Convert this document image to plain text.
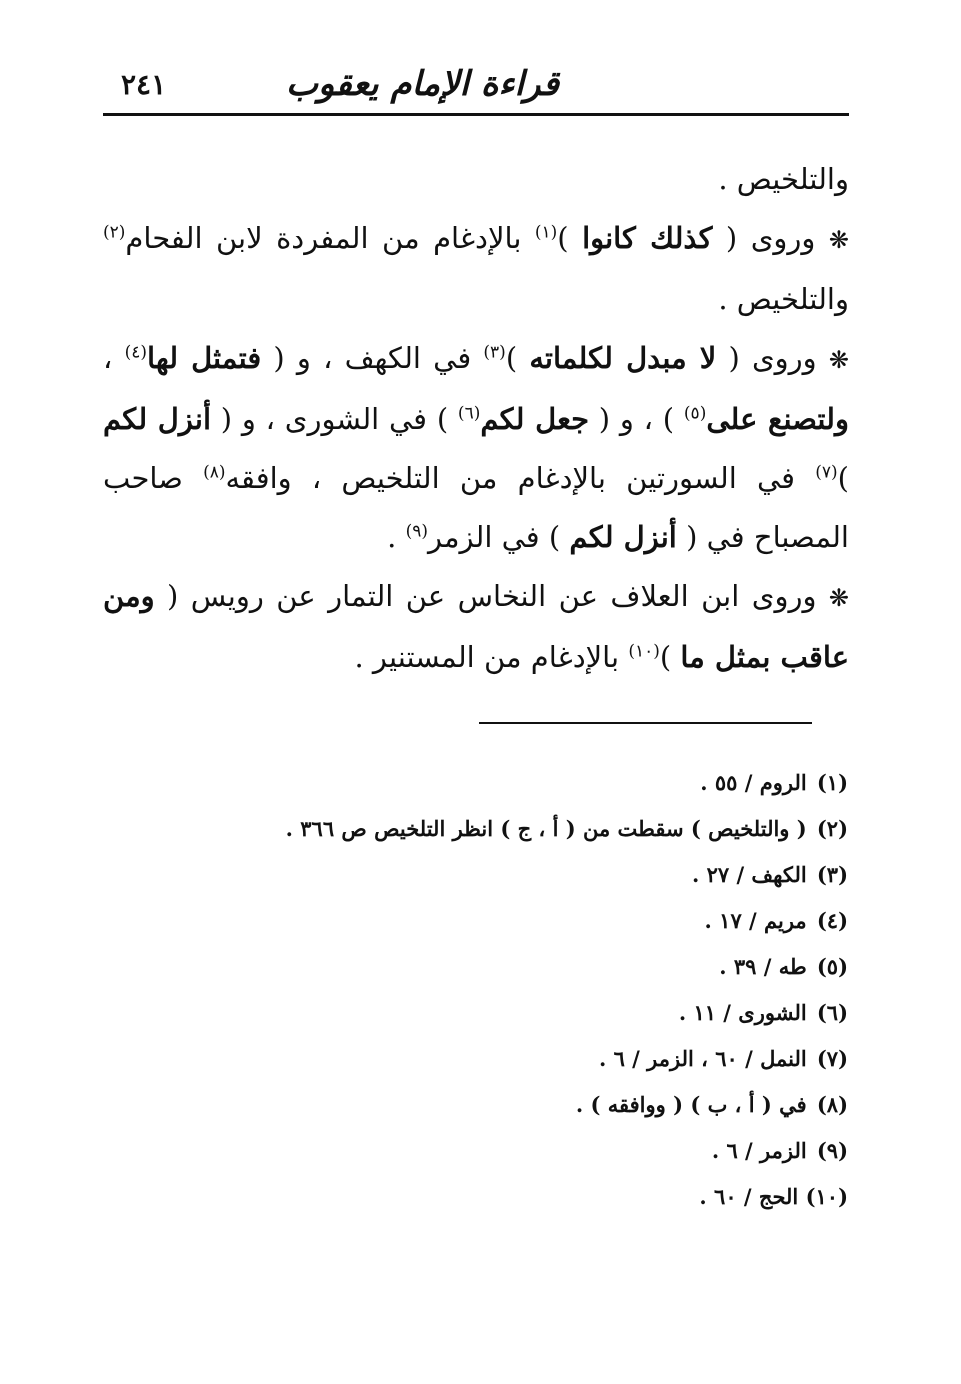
قراءة الإمام يعقوب
٢٤١

والتلخيص .

❋ وروى ( كذلك كانوا )$^{(١)}$ بالإدغام من المفردة لابن الفحام$^{(٢)}$ والتلخيص .

❋ وروى ( لا مبدل لكلماته )$^{(٣)}$ في الكهف ، و ( فتمثل لها$^{(٤)}$ ، ولتصنع على$^{(٥)}$ ) ، و ( جعل لكم$^{(٦)}$ ) في الشورى ، و ( أنزل لكم )$^{(٧)}$ في السورتين بالإدغام من التلخيص ، وافقه$^{(٨)}$ صاحب المصباح في ( أنزل لكم ) في الزمر$^{(٩)}$ .

❋ وروى ابن العلاف عن النخاس عن التمار عن رويس ( ومن عاقب بمثل ما )$^{(١٠)}$ بالإدغام من المستنير .

(١) الروم / ٥٥ .
(٢) ( والتلخيص ) سقطت من ( أ ، ج ) انظر التلخيص ص ٣٦٦ .
(٣) الكهف / ٢٧ .
(٤) مريم / ١٧ .
(٥) طه / ٣٩ .
(٦) الشورى / ١١ .
(٧) النمل / ٦٠ ، الزمر / ٦ .
(٨) في ( أ ، ب ) ( ووافقه ) .
(٩) الزمر / ٦ .
(١٠) الحج / ٦٠ .
